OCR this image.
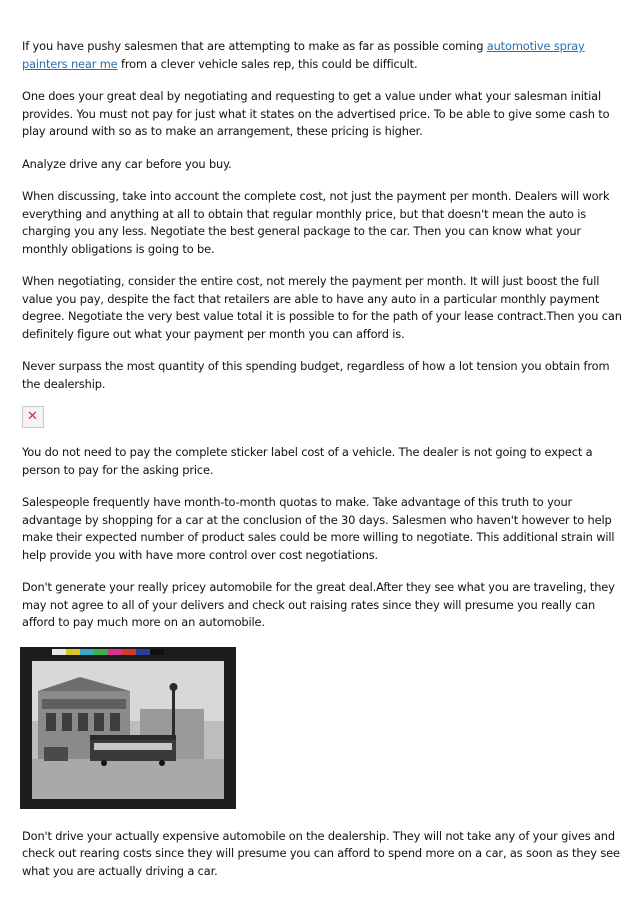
If you have pushy salesmen that are attempting to make as far as possible coming automotive spray painters near me from a clever vehicle sales rep, this could be difficult.

One does your great deal by negotiating and requesting to get a value under what your salesman initial provides. You must not pay for just what it states on the advertised price. To be able to give some cash to play around with so as to make an arrangement, these pricing is higher.

Analyze drive any car before you buy.

When discussing, take into account the complete cost, not just the payment per month. Dealers will work everything and anything at all to obtain that regular monthly price, but that doesn't mean the auto is charging you any less. Negotiate the best general package to the car. Then you can know what your monthly obligations is going to be.

When negotiating, consider the entire cost, not merely the payment per month. It will just boost the full value you pay, despite the fact that retailers are able to have any auto in a particular monthly payment degree. Negotiate the very best value total it is possible to for the path of your lease contract.Then you can definitely figure out what your payment per month you can afford is.

Never surpass the most quantity of this spending budget, regardless of how a lot tension you obtain from the dealership.

✕

You do not need to pay the complete sticker label cost of a vehicle. The dealer is not going to expect a person to pay for the asking price.

Salespeople frequently have month-to-month quotas to make. Take advantage of this truth to your advantage by shopping for a car at the conclusion of the 30 days. Salesmen who haven't however to help make their expected number of product sales could be more willing to negotiate. This additional strain will help provide you with have more control over cost negotiations.

Don't generate your really pricey automobile for the great deal.After they see what you are traveling, they may not agree to all of your delivers and check out raising rates since they will presume you really can afford to pay much more on an automobile.

Don't drive your actually expensive automobile on the dealership. They will not take any of your gives and check out rearing costs since they will presume you can afford to spend more on a car, as soon as they see what you are actually driving a car.
